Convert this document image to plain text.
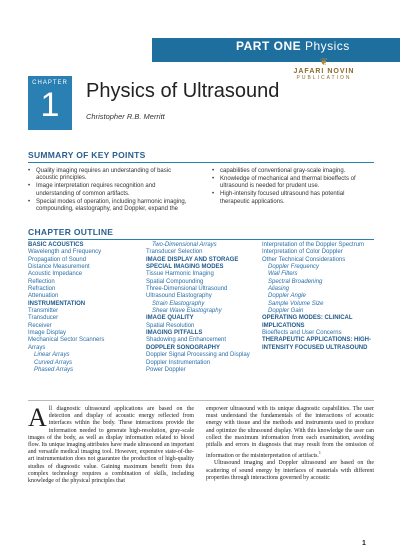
PART ONE Physics
❦
JAFARI NOVIN
PUBLICATION
CHAPTER
1	Physics of Ultrasound
Christopher R.B. Merritt
SUMMARY OF KEY POINTS
• Quality imaging requires an understanding of basic acoustic principles.
• Image interpretation requires recognition and understanding of common artifacts.
• Special modes of operation, including harmonic imaging, compounding, elastography, and Doppler, expand the
• capabilities of conventional gray-scale imaging.
• Knowledge of mechanical and thermal bioeffects of ultrasound is needed for prudent use.
• High-intensity focused ultrasound has potential therapeutic applications.
CHAPTER OUTLINE
BASIC ACOUSTICS
Wavelength and Frequency
Propagation of Sound
Distance Measurement
Acoustic Impedance
Reflection
Refraction
Attenuation
INSTRUMENTATION
Transmitter
Transducer
Receiver
Image Display
Mechanical Sector Scanners
Arrays
Linear Arrays
Curved Arrays
Phased Arrays
Two-Dimensional Arrays
Transducer Selection
IMAGE DISPLAY AND STORAGE
SPECIAL IMAGING MODES
Tissue Harmonic Imaging
Spatial Compounding
Three-Dimensional Ultrasound
Ultrasound Elastography
Strain Elastography
Shear Wave Elastography
IMAGE QUALITY
Spatial Resolution
IMAGING PITFALLS
Shadowing and Enhancement
DOPPLER SONOGRAPHY
Doppler Signal Processing and Display
Doppler Instrumentation
Power Doppler
Interpretation of the Doppler Spectrum
Interpretation of Color Doppler
Other Technical Considerations
Doppler Frequency
Wall Filters
Spectral Broadening
Aliasing
Doppler Angle
Sample Volume Size
Doppler Gain
OPERATING MODES: CLINICAL IMPLICATIONS
Bioeffects and User Concerns
THERAPEUTIC APPLICATIONS: HIGH-INTENSITY FOCUSED ULTRASOUND
All diagnostic ultrasound applications are based on the detection and display of acoustic energy reflected from interfaces within the body. These interactions provide the information needed to generate high-resolution, gray-scale images of the body, as well as display information related to blood flow. Its unique imaging attributes have made ultrasound an important and versatile medical imaging tool. However, expensive state-of-the-art instrumentation does not guarantee the production of high-quality studies of diagnostic value. Gaining maximum benefit from this complex technology requires a combination of skills, including knowledge of the physical principles that
empower ultrasound with its unique diagnostic capabilities. The user must understand the fundamentals of the interactions of acoustic energy with tissue and the methods and instruments used to produce and optimize the ultrasound display. With this knowledge the user can collect the maximum information from each examination, avoiding pitfalls and errors in diagnosis that may result from the omission of information or the misinterpretation of artifacts.$^1$
Ultrasound imaging and Doppler ultrasound are based on the scattering of sound energy by interfaces of materials with different properties through interactions governed by acoustic
1
